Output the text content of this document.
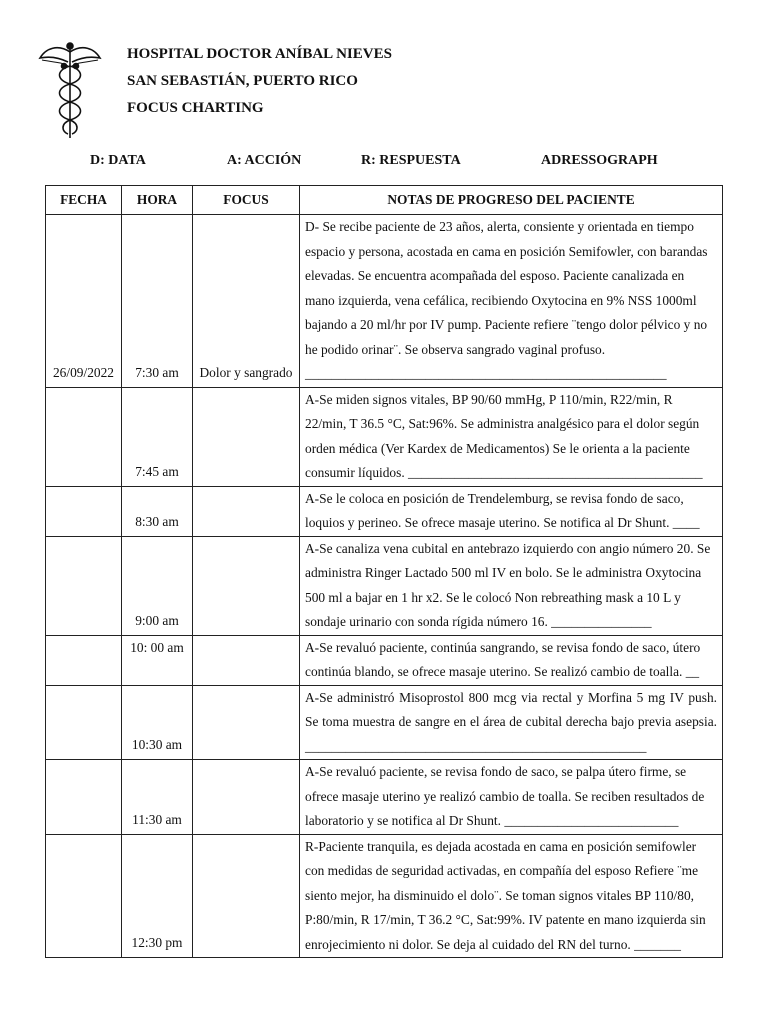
HOSPITAL DOCTOR ANÍBAL NIEVES
SAN SEBASTIÁN, PUERTO RICO
FOCUS CHARTING
D: DATA	A: ACCIÓN	R: RESPUESTA	ADRESSOGRAPH
FECHA	HORA	FOCUS	NOTAS DE PROGRESO DEL PACIENTE
26/09/2022	7:30 am	Dolor y sangrado	D- Se recibe paciente de 23 años, alerta, consiente y orientada en tiempo espacio y persona, acostada en cama en posición Semifowler, con barandas elevadas. Se encuentra acompañada del esposo. Paciente canalizada en mano izquierda, vena cefálica, recibiendo Oxytocina en 9% NSS 1000ml bajando a 20 ml/hr por IV pump. Paciente refiere ¨tengo dolor pélvico y no he podido orinar¨. Se observa sangrado vaginal profuso. ______________________________________________________
	7:45 am		A-Se miden signos vitales, BP 90/60 mmHg, P 110/min, R22/min, R 22/min, T 36.5 °C, Sat:96%. Se administra analgésico para el dolor según orden médica (Ver Kardex de Medicamentos) Se le orienta a la paciente consumir líquidos. ____________________________________________
	8:30 am		A-Se le coloca en posición de Trendelemburg, se revisa fondo de saco, loquios y perineo. Se ofrece masaje uterino. Se notifica al Dr Shunt. ____
	9:00 am		A-Se canaliza vena cubital en antebrazo izquierdo con angio número 20. Se administra Ringer Lactado 500 ml IV en bolo. Se le administra Oxytocina 500 ml a bajar en 1 hr x2. Se le colocó Non rebreathing mask a 10 L y sondaje urinario con sonda rígida número 16. _______________
	10: 00 am		A-Se revaluó paciente, continúa sangrando, se revisa fondo de saco, útero continúa blando, se ofrece masaje uterino. Se realizó cambio de toalla. __
	10:30 am		A-Se administró Misoprostol 800 mcg via rectal y Morfina 5 mg IV push. Se toma muestra de sangre en el área de cubital derecha bajo previa asepsia. ___________________________________________________
	11:30 am		A-Se revaluó paciente, se revisa fondo de saco, se palpa útero firme, se ofrece masaje uterino ye realizó cambio de toalla. Se reciben resultados de laboratorio y se notifica al Dr Shunt. __________________________
	12:30 pm		R-Paciente tranquila, es dejada acostada en cama en posición semifowler con medidas de seguridad activadas, en compañía del esposo Refiere ¨me siento mejor, ha disminuido el dolo¨. Se toman signos vitales BP 110/80, P:80/min, R 17/min, T 36.2 °C, Sat:99%. IV patente en mano izquierda sin enrojecimiento ni dolor. Se deja al cuidado del RN del turno. _______
